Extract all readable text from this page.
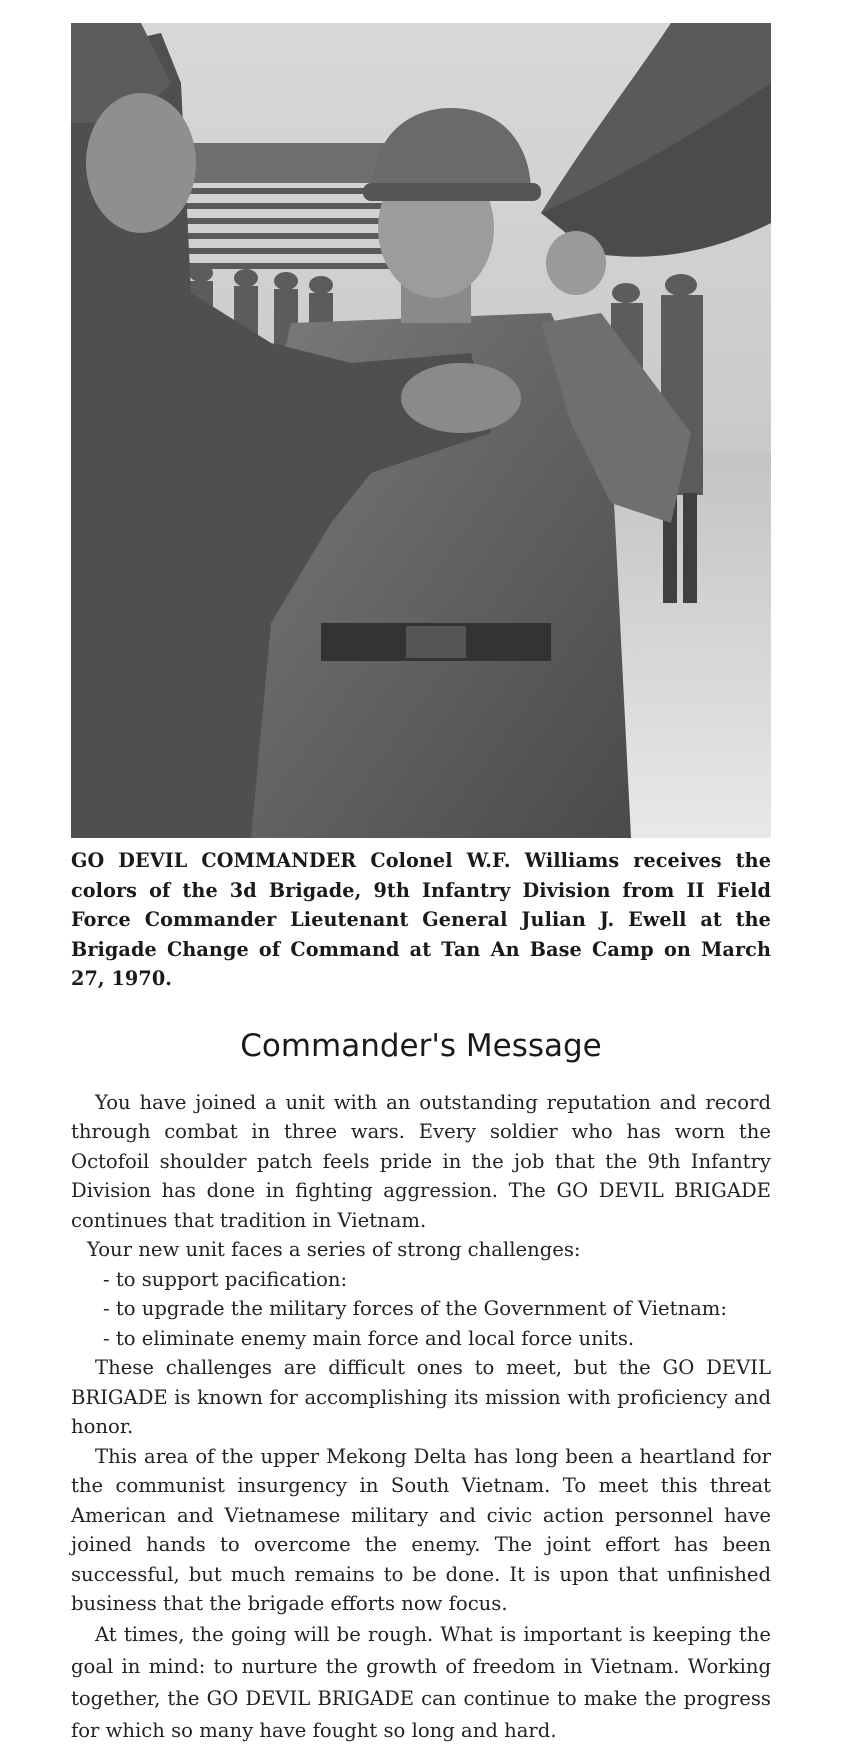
GO DEVIL COMMANDER Colonel W.F. Williams receives the colors of the 3d Brigade, 9th Infantry Division from II Field Force Commander Lieutenant General Julian J. Ewell at the Brigade Change of Command at Tan An Base Camp on March 27, 1970.

Commander's Message

You have joined a unit with an outstanding reputation and record through combat in three wars. Every soldier who has worn the Octofoil shoulder patch feels pride in the job that the 9th Infantry Division has done in fighting aggression. The GO DEVIL BRIGADE continues that tradition in Vietnam.

Your new unit faces a series of strong challenges:

- to support pacification:

- to upgrade the military forces of the Government of Vietnam:

- to eliminate enemy main force and local force units.

These challenges are difficult ones to meet, but the GO DEVIL BRIGADE is known for accomplishing its mission with proficiency and honor.

This area of the upper Mekong Delta has long been a heartland for the communist insurgency in South Vietnam. To meet this threat American and Vietnamese military and civic action personnel have joined hands to overcome the enemy. The joint effort has been successful, but much remains to be done. It is upon that unfinished business that the brigade efforts now focus.

At times, the going will be rough. What is important is keeping the goal in mind: to nurture the growth of freedom in Vietnam. Working together, the GO DEVIL BRIGADE can continue to make the progress for which so many have fought so long and hard.
